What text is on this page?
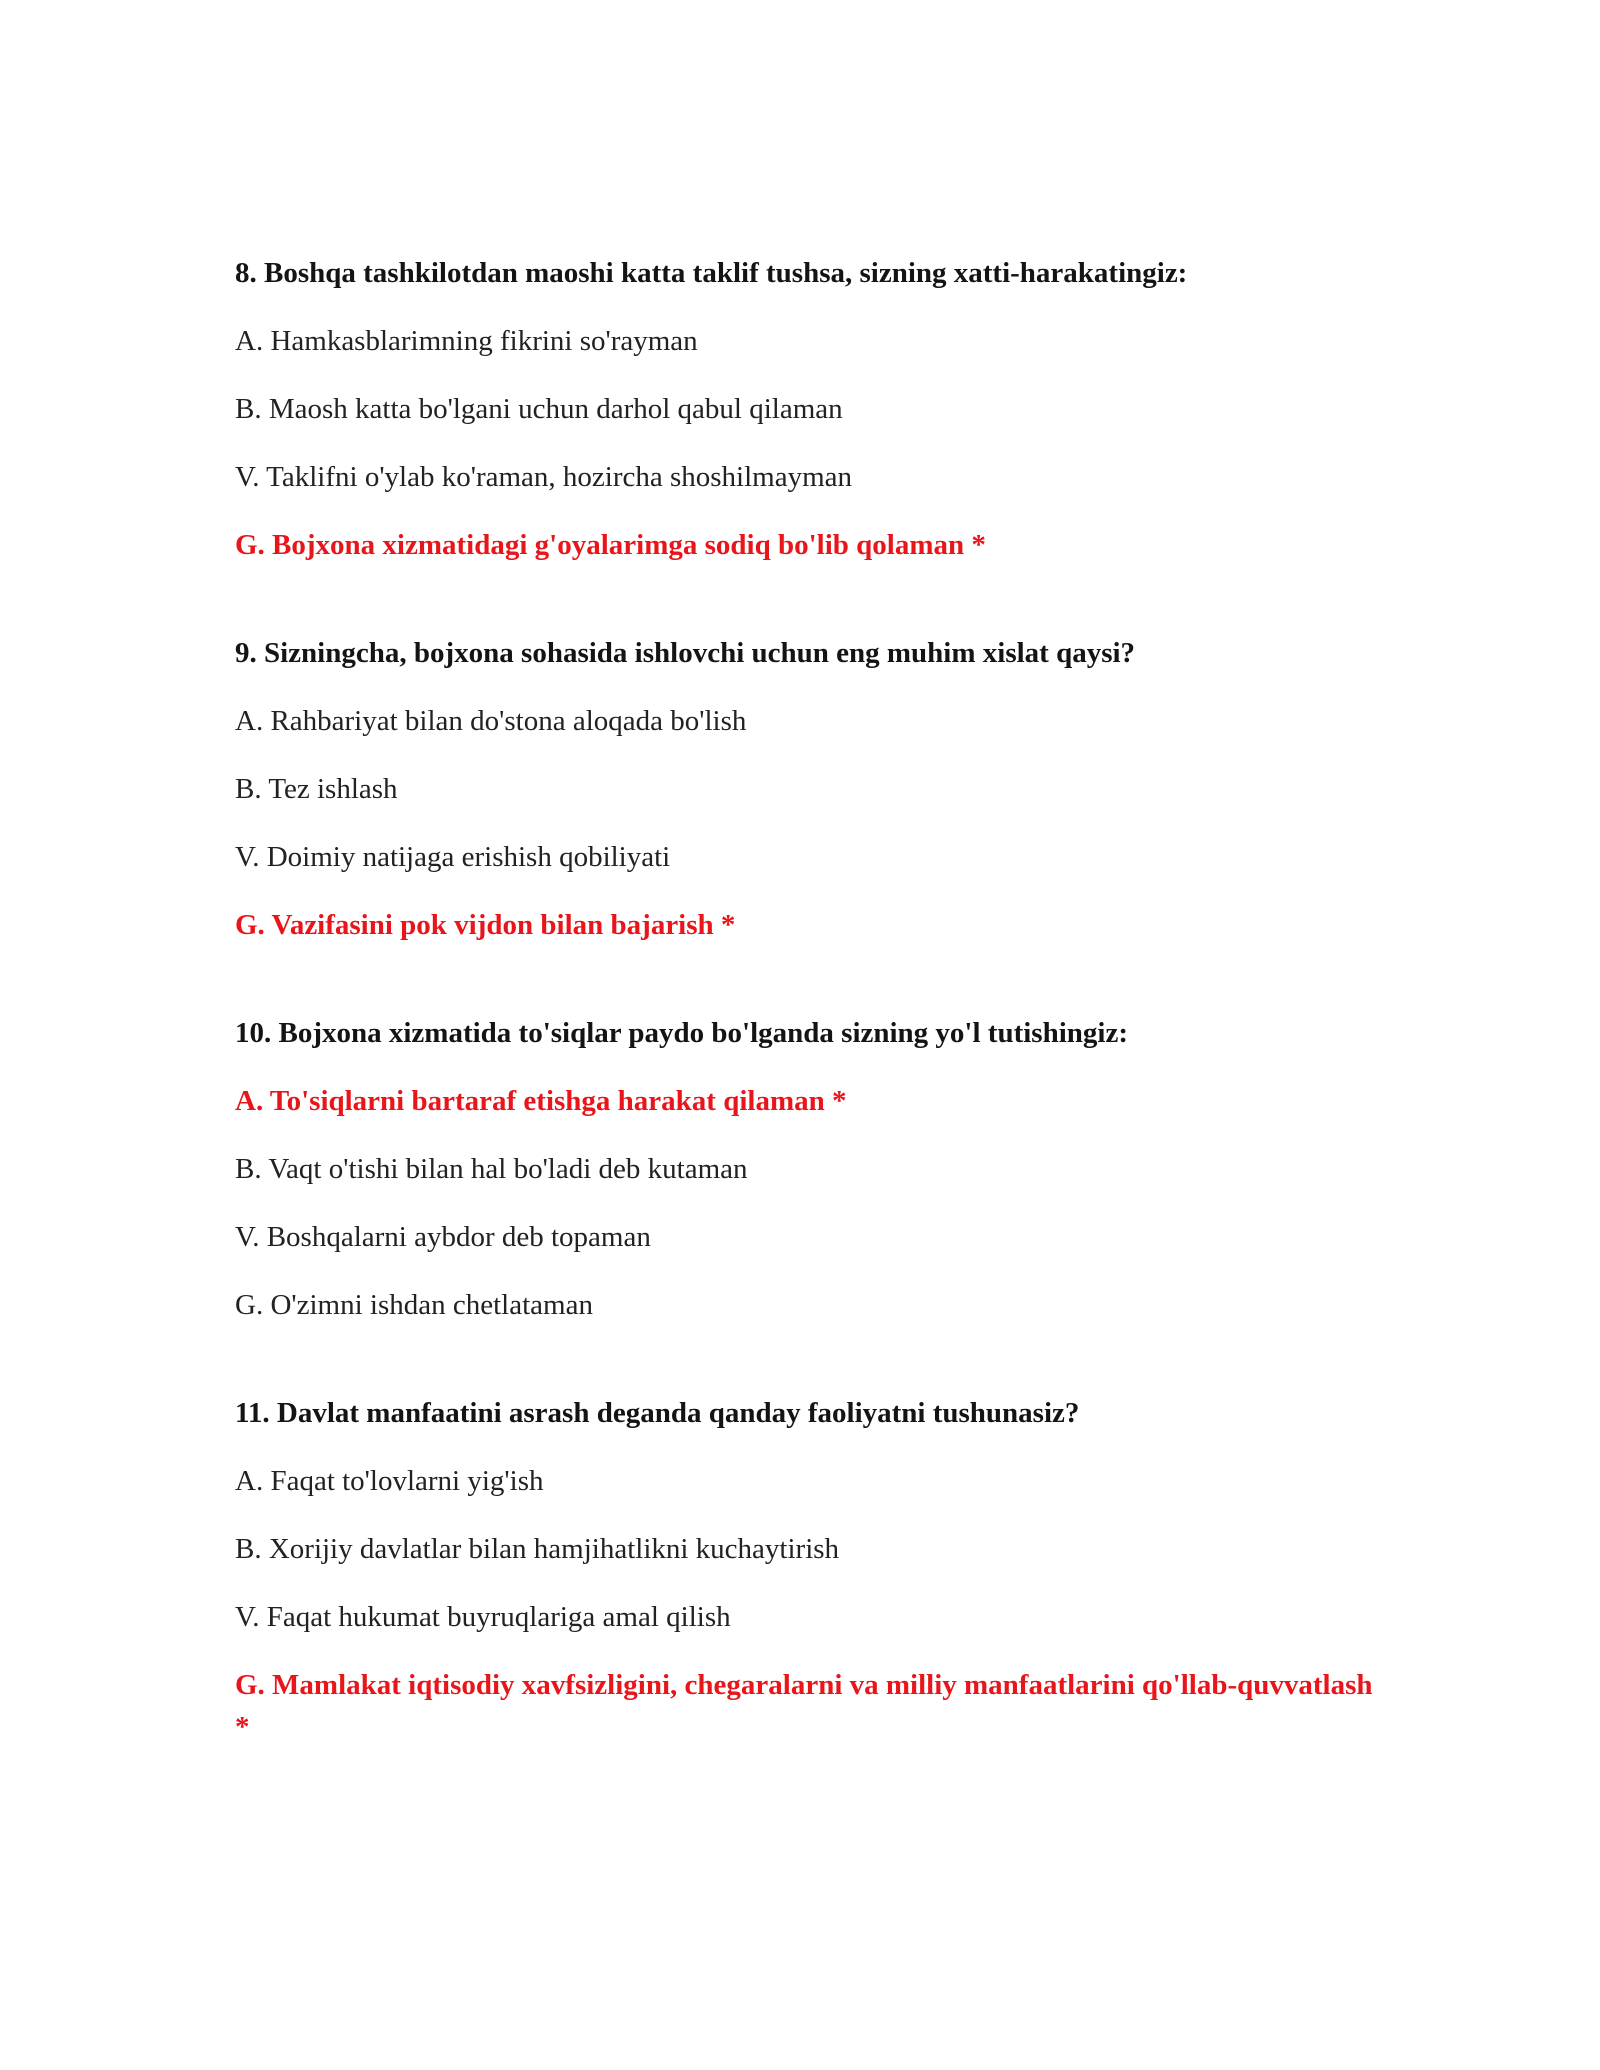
8. Boshqa tashkilotdan maoshi katta taklif tushsa, sizning xatti-harakatingiz:
A. Hamkasblarimning fikrini so'rayman
B. Maosh katta bo'lgani uchun darhol qabul qilaman
V. Taklifni o'ylab ko'raman, hozircha shoshilmayman
G. Bojxona xizmatidagi g'oyalarimga sodiq bo'lib qolaman *
9. Sizningcha, bojxona sohasida ishlovchi uchun eng muhim xislat qaysi?
A. Rahbariyat bilan do'stona aloqada bo'lish
B. Tez ishlash
V. Doimiy natijaga erishish qobiliyati
G. Vazifasini pok vijdon bilan bajarish *
10. Bojxona xizmatida to'siqlar paydo bo'lganda sizning yo'l tutishingiz:
A. To'siqlarni bartaraf etishga harakat qilaman *
B. Vaqt o'tishi bilan hal bo'ladi deb kutaman
V. Boshqalarni aybdor deb topaman
G. O'zimni ishdan chetlataman
11. Davlat manfaatini asrash deganda qanday faoliyatni tushunasiz?
A. Faqat to'lovlarni yig'ish
B. Xorijiy davlatlar bilan hamjihatlikni kuchaytirish
V. Faqat hukumat buyruqlariga amal qilish
G. Mamlakat iqtisodiy xavfsizligini, chegaralarni va milliy manfaatlarini qo'llab-quvvatlash *
